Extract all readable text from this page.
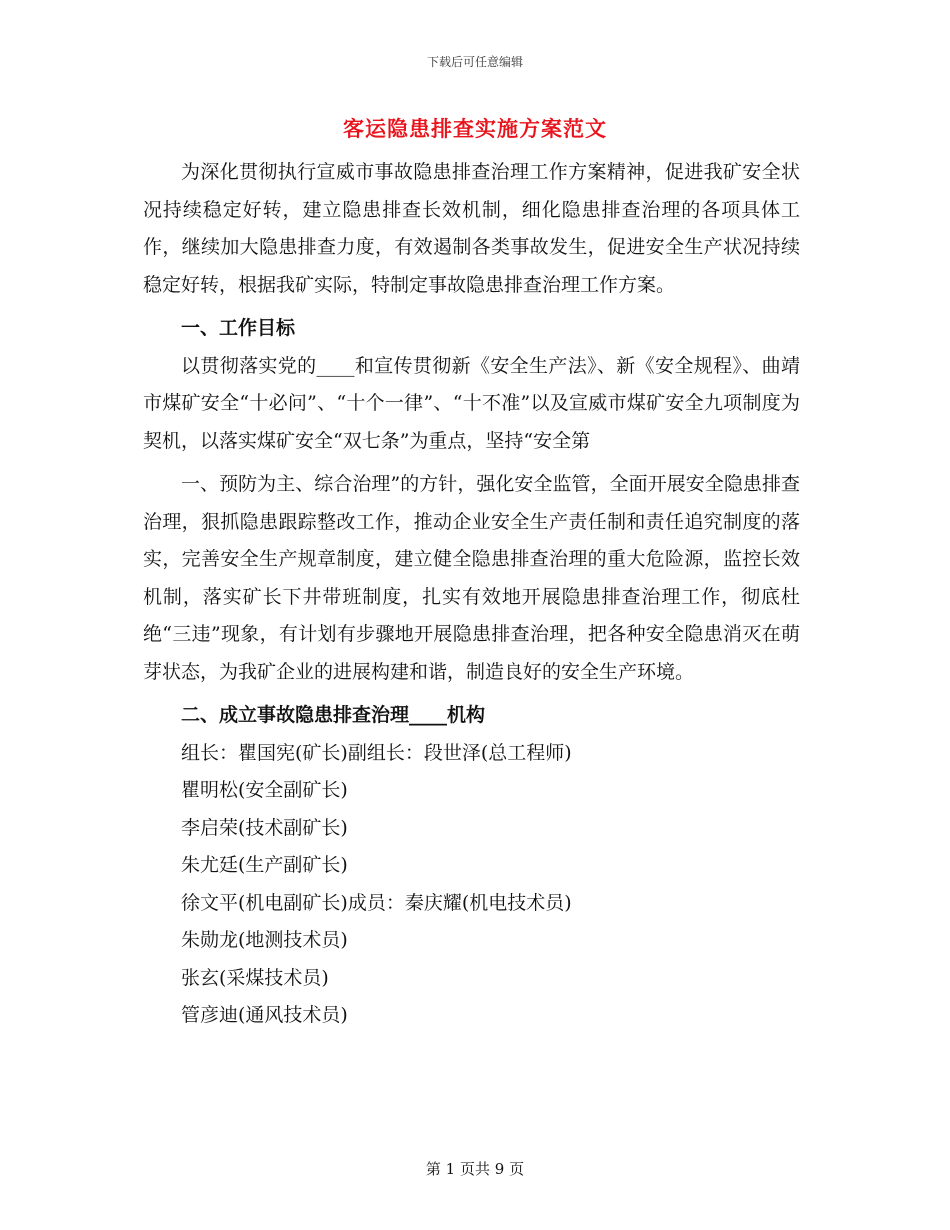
下载后可任意编辑
客运隐患排查实施方案范文

为深化贯彻执行宣威市事故隐患排查治理工作方案精神，促进我矿安全状况持续稳定好转，建立隐患排查长效机制，细化隐患排查治理的各项具体工作，继续加大隐患排查力度，有效遏制各类事故发生，促进安全生产状况持续稳定好转，根据我矿实际，特制定事故隐患排查治理工作方案。

一、工作目标

以贯彻落实党的____和宣传贯彻新《安全生产法》、新《安全规程》、曲靖市煤矿安全“十必问”、“十个一律”、“十不准”以及宣威市煤矿安全九项制度为契机，以落实煤矿安全“双七条”为重点，坚持“安全第

一、预防为主、综合治理”的方针，强化安全监管，全面开展安全隐患排查治理，狠抓隐患跟踪整改工作，推动企业安全生产责任制和责任追究制度的落实，完善安全生产规章制度，建立健全隐患排查治理的重大危险源，监控长效机制，落实矿长下井带班制度，扎实有效地开展隐患排查治理工作，彻底杜绝“三违”现象，有计划有步骤地开展隐患排查治理，把各种安全隐患消灭在萌芽状态，为我矿企业的进展构建和谐，制造良好的安全生产环境。

二、成立事故隐患排查治理____机构

组长：瞿国宪(矿长)副组长：段世泽(总工程师)

瞿明松(安全副矿长)

李启荣(技术副矿长)

朱尤廷(生产副矿长)

徐文平(机电副矿长)成员：秦庆耀(机电技术员)

朱勋龙(地测技术员)

张玄(采煤技术员)

管彦迪(通风技术员)

第 1 页共 9 页
